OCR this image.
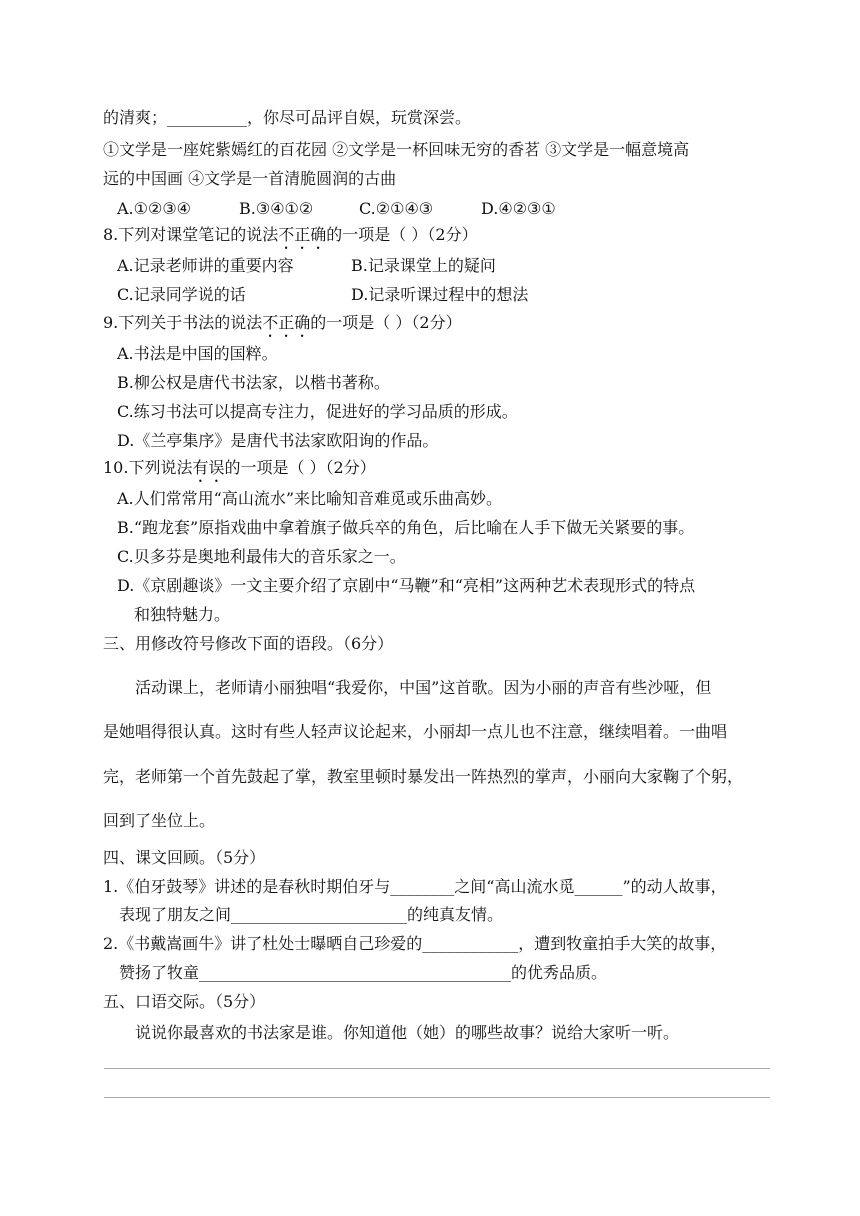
的清爽；__________，你尽可品评自娱，玩赏深尝。
①文学是一座姹紫嫣红的百花园 ②文学是一杯回味无穷的香茗 ③文学是一幅意境高
远的中国画 ④文学是一首清脆圆润的古曲
A.①②③④	B.③④①②	C.②①④③	D.④②③①
8.下列对课堂笔记的说法不正确的一项是（ ）（2分）
A.记录老师讲的重要内容	B.记录课堂上的疑问
C.记录同学说的话	D.记录听课过程中的想法
9.下列关于书法的说法不正确的一项是（ ）（2分）
A.书法是中国的国粹。
B.柳公权是唐代书法家，以楷书著称。
C.练习书法可以提高专注力，促进好的学习品质的形成。
D.《兰亭集序》是唐代书法家欧阳询的作品。
10.下列说法有误的一项是（ ）（2分）
A.人们常常用“高山流水”来比喻知音难觅或乐曲高妙。
B.“跑龙套”原指戏曲中拿着旗子做兵卒的角色，后比喻在人手下做无关紧要的事。
C.贝多芬是奥地利最伟大的音乐家之一。
D.《京剧趣谈》一文主要介绍了京剧中“马鞭”和“亮相”这两种艺术表现形式的特点
和独特魅力。
三、用修改符号修改下面的语段。（6分）
活动课上，老师请小丽独唱“我爱你，中国”这首歌。因为小丽的声音有些沙哑，但
是她唱得很认真。这时有些人轻声议论起来，小丽却一点儿也不注意，继续唱着。一曲唱
完，老师第一个首先鼓起了掌，教室里顿时暴发出一阵热烈的掌声，小丽向大家鞠了个躬，
回到了坐位上。
四、课文回顾。（5分）
1.《伯牙鼓琴》讲述的是春秋时期伯牙与________之间“高山流水觅______”的动人故事，
表现了朋友之间______________________的纯真友情。
2.《书戴嵩画牛》讲了杜处士曝晒自己珍爱的____________，遭到牧童拍手大笑的故事，
赞扬了牧童_______________________________________的优秀品质。
五、口语交际。（5分）
说说你最喜欢的书法家是谁。你知道他（她）的哪些故事？说给大家听一听。
